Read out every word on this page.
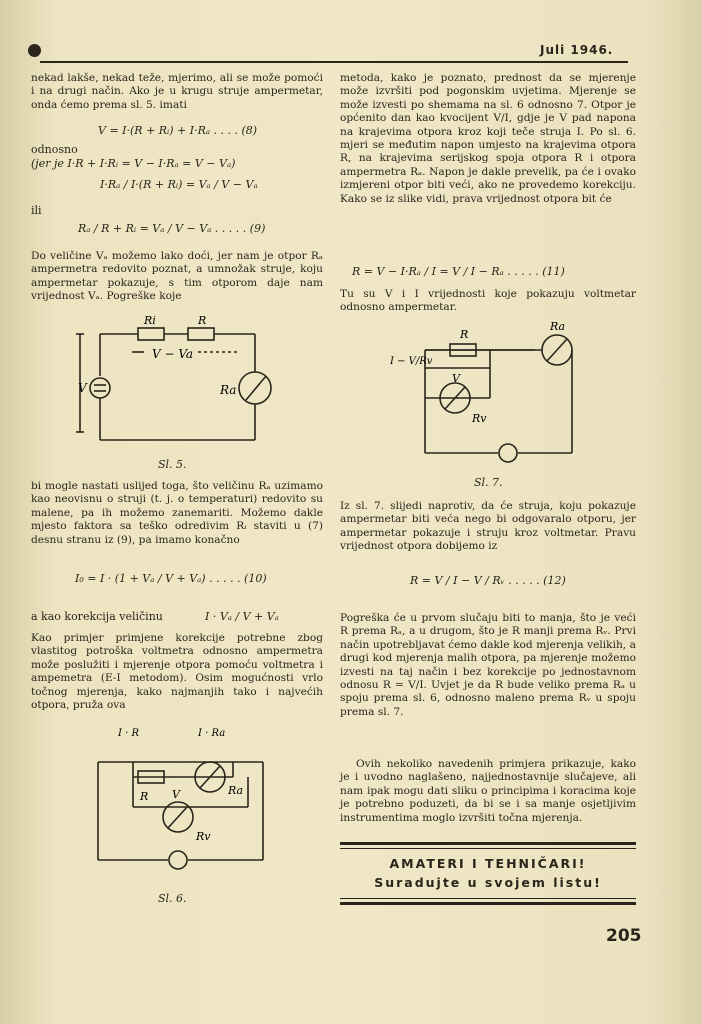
Juli 1946.

nekad lakše, nekad teže, mjerimo, ali se može pomoći i na drugi način. Ako je u krugu struje ampermetar, onda ćemo prema sl. 5. imati

V = I·(R + Rᵢ) + I·Rₐ . . . . (8)
odnosno
(jer je I·R + I·Rᵢ = V − I·Rₐ = V − Vₐ)
I·Rₐ / I·(R + Rᵢ) = Vₐ / V − Vₐ
ili
Rₐ / R + Rᵢ = Vₐ / V − Vₐ . . . . . (9)

Do veličine Vₐ možemo lako doći, jer nam je otpor Rₐ ampermetra redovito poznat, a umnožak struje, koju ampermetar pokazuje, s tim otporom daje nam vrijednost Vₐ. Pogreške koje

Ri	R
V − Va
V	Ra
Sl. 5.

bi mogle nastati uslijed toga, što veličinu Rₐ uzimamo kao neovisnu o struji (t. j. o temperaturi) redovito su malene, pa ih možemo zanemariti. Možemo dakle mjesto faktora sa teško odredivim Rᵢ staviti u (7) desnu stranu iz (9), pa imamo konačno

I₀ = I · (1 + Vₐ / V + Vₐ) . . . . . (10)
a kao korekcija veličinu	I · Vₐ / V + Vₐ

Kao primjer primjene korekcije potrebne zbog vlastitog potroška voltmetra odnosno ampermetra može poslužiti i mjerenje otpora pomoću voltmetra i ampemetra (E-I metodom). Osim mogućnosti vrlo točnog mjerenja, kako najmanjih tako i najvećih otpora, pruža ova

I · R	I · Ra
R	Ra
V
Rv
Sl. 6.

metoda, kako je poznato, prednost da se mjerenje može izvršiti pod pogonskim uvjetima. Mjerenje se može izvesti po shemama na sl. 6 odnosno 7. Otpor je općenito dan kao kvocijent V/I, gdje je V pad napona na krajevima otpora kroz koji teče struja I. Po sl. 6. mjeri se međutim napon umjesto na krajevima otpora R, na krajevima serijskog spoja otpora R i otpora ampermetra Rₐ. Napon je dakle prevelik, pa će i ovako izmjereni otpor biti veći, ako ne provedemo korekciju. Kako se iz slike vidi, prava vrijednost otpora bit će

R = V − I·Rₐ / I = V / I − Rₐ . . . . . (11)

Tu su V i I vrijednosti koje pokazuju voltmetar odnosno ampermetar.

R
Ra
I − V/Rv
V
Rv
Sl. 7.

Iz sl. 7. slijedi naprotiv, da će struja, koju pokazuje ampermetar biti veća nego bi odgovaralo otporu, jer ampermetar pokazuje i struju kroz voltmetar. Pravu vrijednost otpora dobijemo iz

R = V / I − V / Rᵥ . . . . . (12)

Pogreška će u prvom slučaju biti to manja, što je veći R prema Rₐ, a u drugom, što je R manji prema Rᵥ. Prvi način upotrebljavat ćemo dakle kod mjerenja velikih, a drugi kod mjerenja malih otpora, pa mjerenje možemo izvesti na taj način i bez korekcije po jednostavnom odnosu R = V/I. Uvjet je da R bude veliko prema Rₐ u spoju prema sl. 6, odnosno maleno prema Rᵥ u spoju prema sl. 7.

Ovih nekoliko navedenih primjera prikazuje, kako je i uvodno naglašeno, najjednostavnije slučajeve, ali nam ipak mogu dati sliku o principima i koracima koje je potrebno poduzeti, da bi se i sa manje osjetljivim instrumentima moglo izvršiti točna mjerenja.

AMATERI I TEHNIČARI!
Suradujte u svojem listu!
205
